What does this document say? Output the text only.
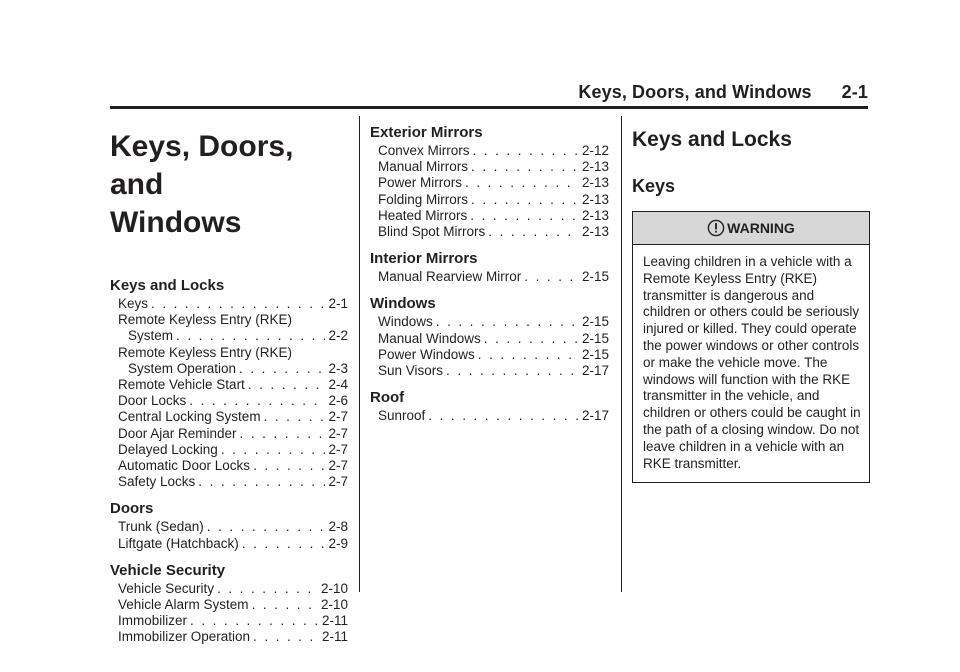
Keys, Doors, and Windows 2-1
Keys, Doors, and
Windows
Keys and Locks
Keys . . .	2-1
Remote Keyless Entry (RKE)
System . . .	2-2
Remote Keyless Entry (RKE)
System Operation . . .	2-3
Remote Vehicle Start . . .	2-4
Door Locks . . .	2-6
Central Locking System . . .	2-7
Door Ajar Reminder . . .	2-7
Delayed Locking . . .	2-7
Automatic Door Locks . . .	2-7
Safety Locks . . .	2-7
Doors
Trunk (Sedan) . . .	2-8
Liftgate (Hatchback) . . .	2-9
Vehicle Security
Vehicle Security . . .	2-10
Vehicle Alarm System . . .	2-10
Immobilizer . . .	2-11
Immobilizer Operation . . .	2-11
Exterior Mirrors
Convex Mirrors . . .	2-12
Manual Mirrors . . .	2-13
Power Mirrors . . .	2-13
Folding Mirrors . . .	2-13
Heated Mirrors . . .	2-13
Blind Spot Mirrors . . .	2-13
Interior Mirrors
Manual Rearview Mirror . . .	2-15
Windows
Windows . . .	2-15
Manual Windows . . .	2-15
Power Windows . . .	2-15
Sun Visors . . .	2-17
Roof
Sunroof . . .	2-17
Keys and Locks
Keys
WARNING
Leaving children in a vehicle with a Remote Keyless Entry (RKE) transmitter is dangerous and children or others could be seriously injured or killed. They could operate the power windows or other controls or make the vehicle move. The windows will function with the RKE transmitter in the vehicle, and children or others could be caught in the path of a closing window. Do not leave children in a vehicle with an RKE transmitter.
